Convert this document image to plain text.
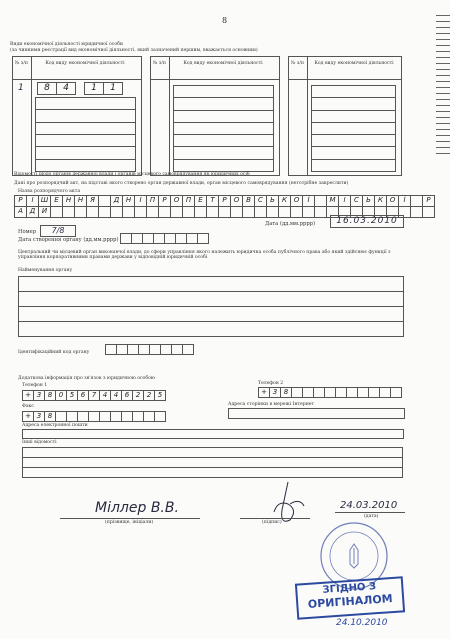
8
Види економічної діяльності юридичної особи
(за чинними реєстрації вид економічної діяльності, який зазначений першим, вважається основним)
№ з/п	Код виду економічної діяльності
1	8	4	1	1
№ з/п	Код виду економічної діяльності	№ з/п	Код виду економічної діяльності
Відомості щодо органів державної влади і органів місцевого самоврядування як юридичних осіб
Дані про розпорядчий акт, на підставі якого створено орган державної влади, орган місцевого самоврядування (неготрібне закреслити)
Назва розпорядчого акта
Р	І	Ш Е	Н Н Я	Д Н	І	П	Р	О П	Е	Т	Р	О В	С	Ь	К О	Ї	М	І	С	Ь	К О	Ї	Р
А Д И
Номер	7/8
Дата (дд.мм.рррр)	16.03.2010
Дата створення органу (дд.мм.рррр)
Центральний чи місцевий орган виконавчої влади, до сфери управління якого належить юридична особа публічного права або який здійснює функції з управління корпоративними правами держави у відповідній юридичній особі
Найменування органу
Ідентифікаційний код органу
Додаткова інформація про зв'язок з юридичною особою
Телефон 1
+ 3 8 0 5 6 7 4 4 6 2 2 5
Телефон 2
+ 3 8
Факс
+ 3 8
Адреса сторінки в мережі Інтернет
Адреса електронної пошти
Інші відомості
Міллер В.В.
(прізвище, ініціали)	(підпис)
24.03.2010
(дата)
ЗГІДНО З
ОРИГІНАЛОМ
24.10.2010
